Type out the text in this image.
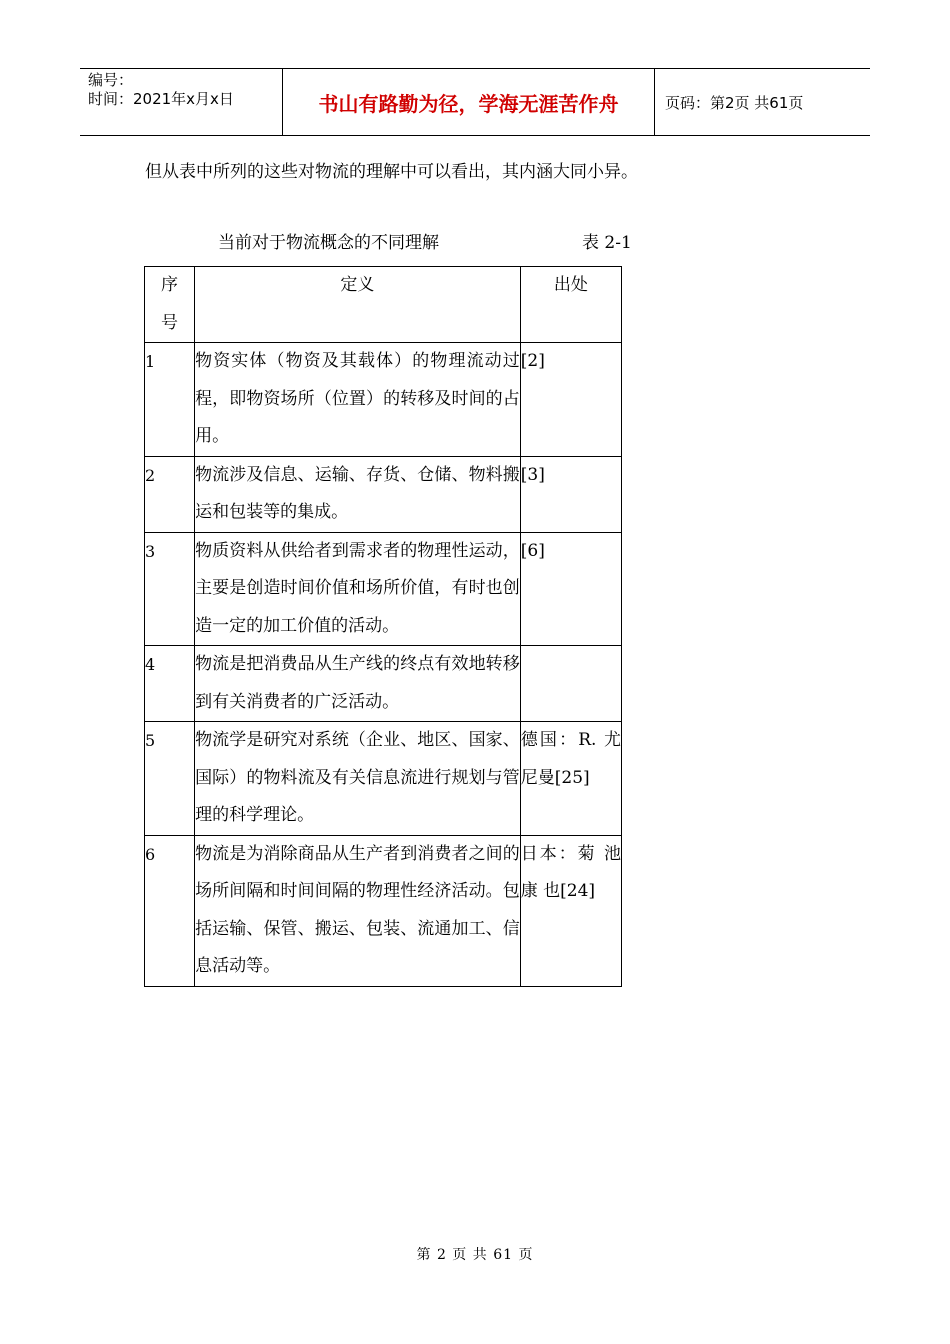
编号：
时间：2021年x月x日	书山有路勤为径，学海无涯苦作舟	页码：第2页 共61页
但从表中所列的这些对物流的理解中可以看出，其内涵大同小异。
当前对于物流概念的不同理解	表 2-1
序
号	定义	出处
1	物资实体（物资及其载体）的物理流动过程，即物资场所（位置）的转移及时间的占用。	[2]
2	物流涉及信息、运输、存货、仓储、物料搬运和包装等的集成。	[3]
3	物质资料从供给者到需求者的物理性运动，主要是创造时间价值和场所价值，有时也创造一定的加工价值的活动。	[6]
4	物流是把消费品从生产线的终点有效地转移到有关消费者的广泛活动。	
5	物流学是研究对系统（企业、地区、国家、国际）的物料流及有关信息流进行规划与管理的科学理论。	德国：R. 尤尼曼[25]
6	物流是为消除商品从生产者到消费者之间的场所间隔和时间间隔的物理性经济活动。包括运输、保管、搬运、包装、流通加工、信息活动等。	日本：菊 池 康 也[24]
第 2 页 共 61 页
